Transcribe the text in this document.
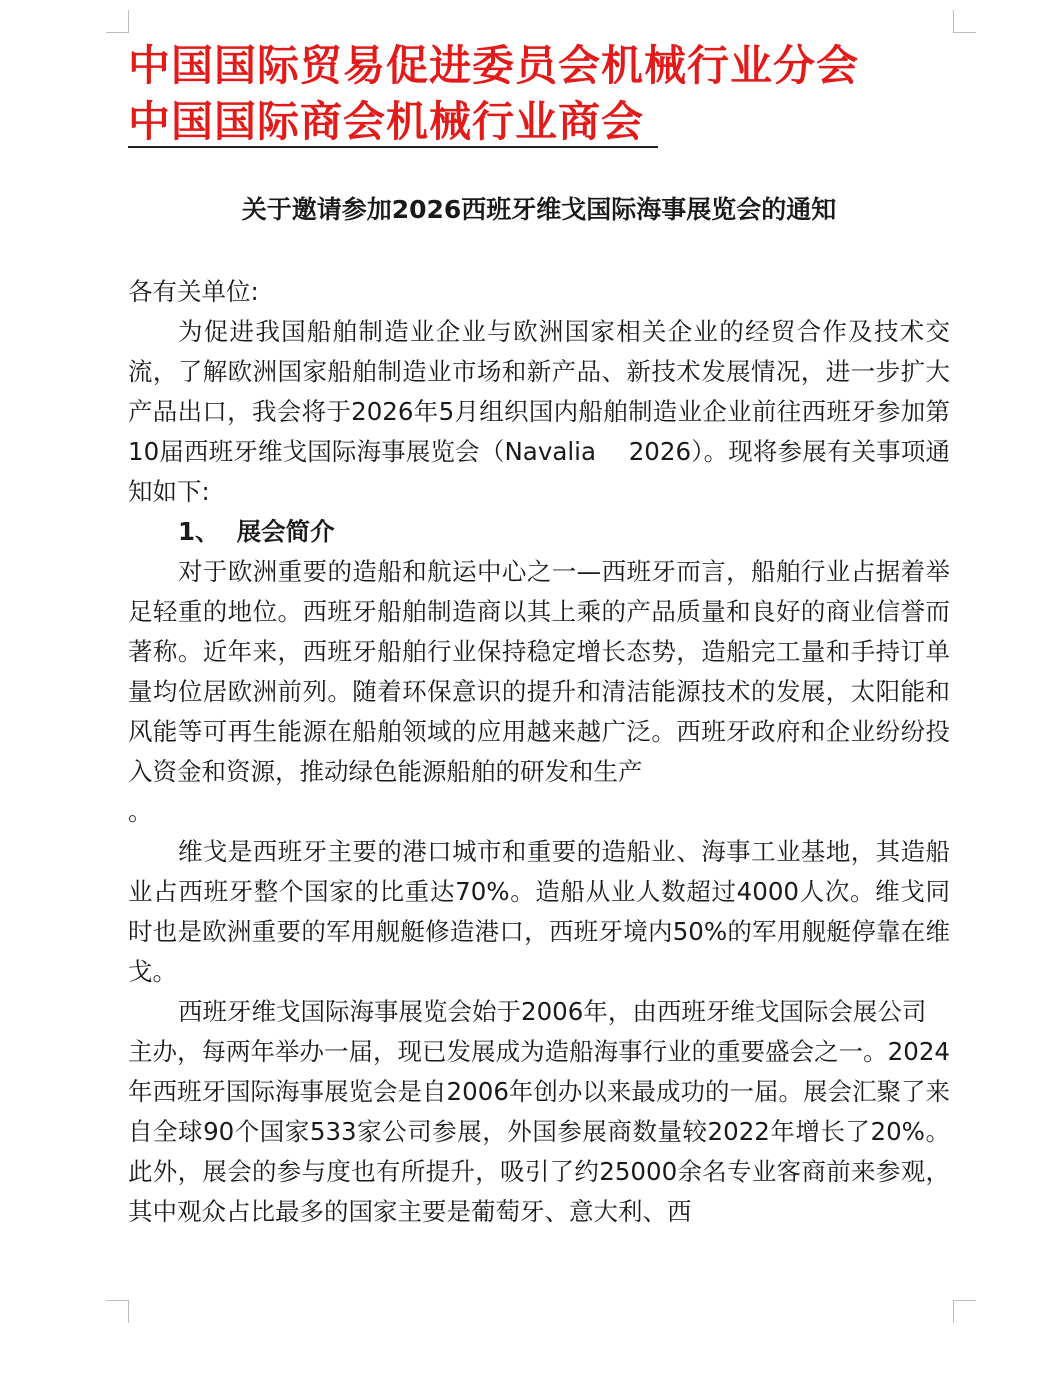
中国国际贸易促进委员会机械行业分会
中国国际商会机械行业商会
关于邀请参加2026西班牙维戈国际海事展览会的通知

各有关单位:

为促进我国船舶制造业企业与欧洲国家相关企业的经贸合作及技术交流，了解欧洲国家船舶制造业市场和新产品、新技术发展情况，进一步扩大产品出口，我会将于2026年5月组织国内船舶制造业企业前往西班牙参加第10届西班牙维戈国际海事展览会（Navalia　 2026）。现将参展有关事项通知如下:

1、 展会简介

对于欧洲重要的造船和航运中心之一—西班牙而言，船舶行业占据着举足轻重的地位。西班牙船舶制造商以其上乘的产品质量和良好的商业信誉而著称。近年来，西班牙船舶行业保持稳定增长态势，造船完工量和手持订单量均位居欧洲前列。随着环保意识的提升和清洁能源技术的发展，太阳能和风能等可再生能源在船舶领域的应用越来越广泛。西班牙政府和企业纷纷投入资金和资源，推动绿色能源船舶的研发和生产

。

维戈是西班牙主要的港口城市和重要的造船业、海事工业基地，其造船业占西班牙整个国家的比重达70%。造船从业人数超过4000人次。维戈同时也是欧洲重要的军用舰艇修造港口，西班牙境内50%的军用舰艇停靠在维戈。

西班牙维戈国际海事展览会始于2006年，由西班牙维戈国际会展公司

主办，每两年举办一届，现已发展成为造船海事行业的重要盛会之一。2024年西班牙国际海事展览会是自2006年创办以来最成功的一届。展会汇聚了来自全球90个国家533家公司参展，外国参展商数量较2022年增长了20%。此外，展会的参与度也有所提升，吸引了约25000余名专业客商前来参观，其中观众占比最多的国家主要是葡萄牙、意大利、西
